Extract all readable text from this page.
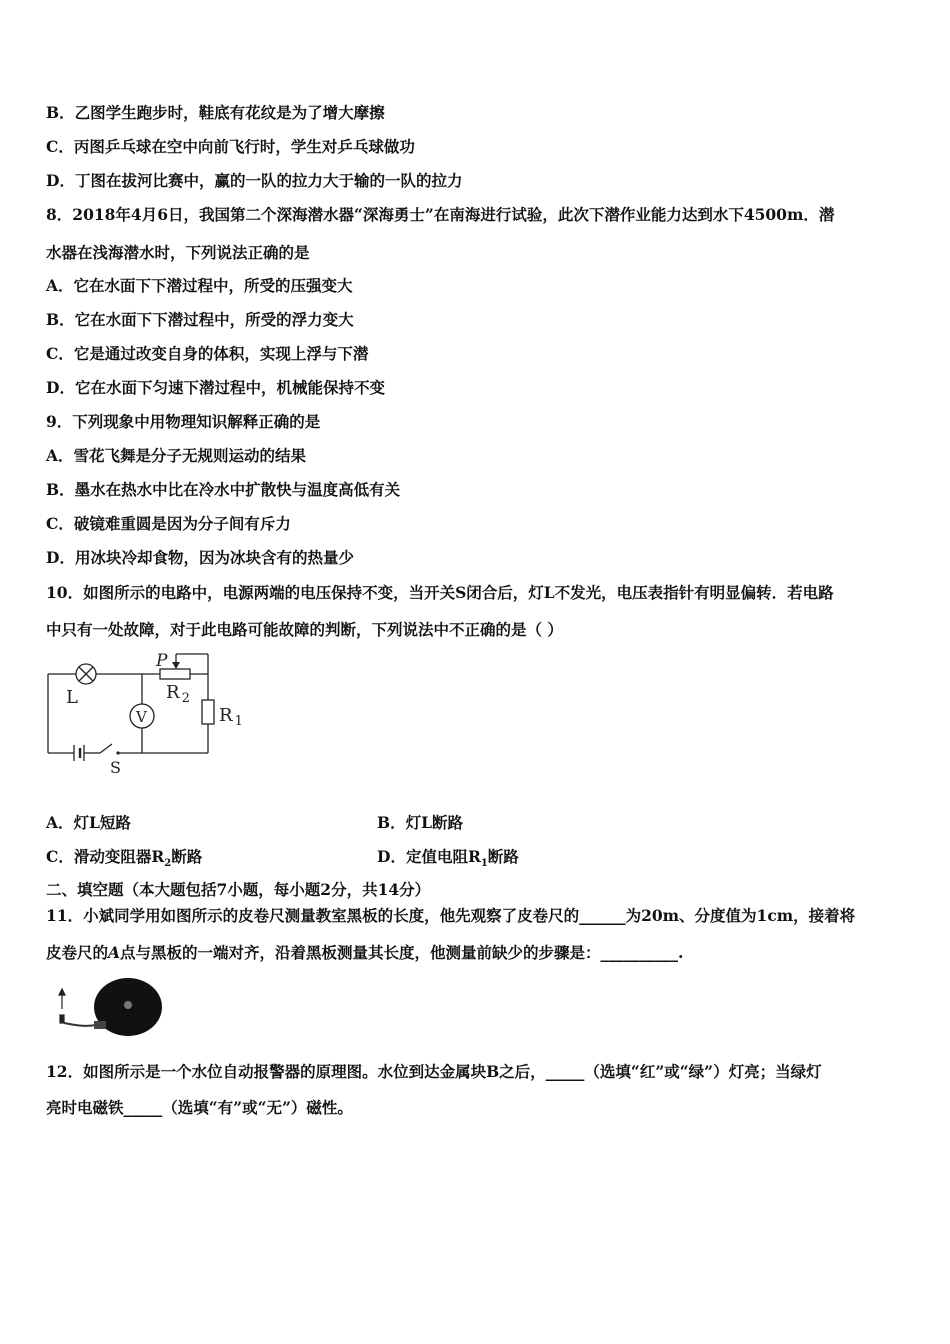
B．乙图学生跑步时，鞋底有花纹是为了增大摩擦
C．丙图乒乓球在空中向前飞行时，学生对乒乓球做功
D．丁图在拔河比赛中，赢的一队的拉力大于输的一队的拉力
8．2018年4月6日，我国第二个深海潜水器“深海勇士”在南海进行试验，此次下潜作业能力达到水下4500m．潜
水器在浅海潜水时，下列说法正确的是
A．它在水面下下潜过程中，所受的压强变大
B．它在水面下下潜过程中，所受的浮力变大
C．它是通过改变自身的体积，实现上浮与下潜
D．它在水面下匀速下潜过程中，机械能保持不变
9．下列现象中用物理知识解释正确的是
A．雪花飞舞是分子无规则运动的结果
B．墨水在热水中比在冷水中扩散快与温度高低有关
C．破镜难重圆是因为分子间有斥力
D．用冰块冷却食物，因为冰块含有的热量少
10．如图所示的电路中，电源两端的电压保持不变，当开关S闭合后，灯L不发光，电压表指针有明显偏转．若电路
中只有一处故障，对于此电路可能故障的判断，下列说法中不正确的是（ ）
L
P
R $_2$
R $_1$
V
S
A．灯L短路	B．灯L断路
C．滑动变阻器$R_2$断路	D．定值电阻$R_1$断路
二、填空题（本大题包括7小题，每小题2分，共14分）
11．小斌同学用如图所示的皮卷尺测量教室黑板的长度，他先观察了皮卷尺的______为20m、分度值为1cm，接着将
皮卷尺的A点与黑板的一端对齐，沿着黑板测量其长度，他测量前缺少的步骤是：__________.
12．如图所示是一个水位自动报警器的原理图。水位到达金属块B之后，_____（选填“红”或“绿”）灯亮；当绿灯
亮时电磁铁_____（选填“有”或“无”）磁性。
